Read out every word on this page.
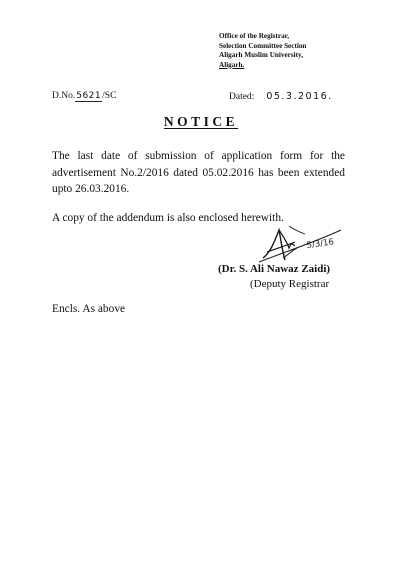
Office of the Registrar,
Selection Committee Section
Aligarh Muslim University,
Aligarh.
D.No.5621/SC	Dated: 05.3.2016.
NOTICE
The last date of submission of application form for the advertisement No.2/2016 dated 05.02.2016 has been extended upto 26.03.2016.
A copy of the addendum is also enclosed herewith.
5/3/16
(Dr. S. Ali Nawaz Zaidi)
(Deputy Registrar
Encls. As above
